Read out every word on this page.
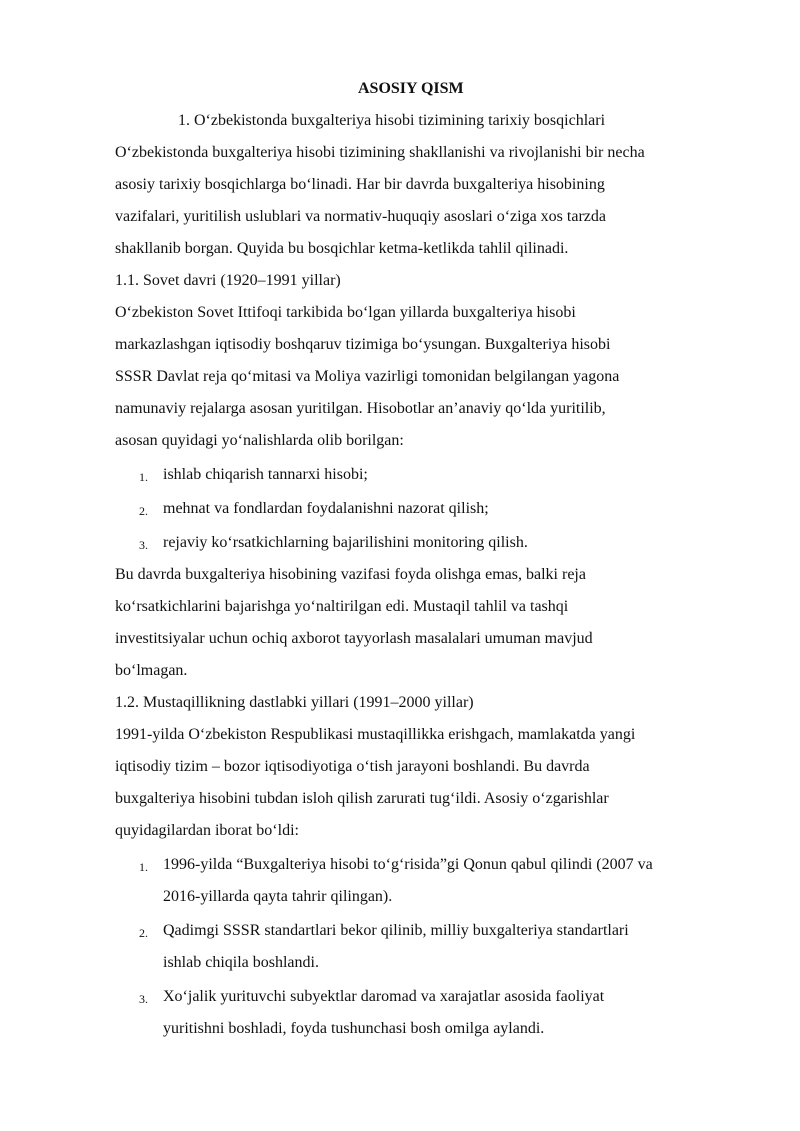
ASOSIY QISM
1. O‘zbekistonda buxgalteriya hisobi tizimining tarixiy bosqichlari
O‘zbekistonda buxgalteriya hisobi tizimining shakllanishi va rivojlanishi bir necha
asosiy tarixiy bosqichlarga bo‘linadi. Har bir davrda buxgalteriya hisobining
vazifalari, yuritilish uslublari va normativ-huquqiy asoslari o‘ziga xos tarzda
shakllanib borgan. Quyida bu bosqichlar ketma-ketlikda tahlil qilinadi.
1.1. Sovet davri (1920–1991 yillar)
O‘zbekiston Sovet Ittifoqi tarkibida bo‘lgan yillarda buxgalteriya hisobi
markazlashgan iqtisodiy boshqaruv tizimiga bo‘ysungan. Buxgalteriya hisobi
SSSR Davlat reja qo‘mitasi va Moliya vazirligi tomonidan belgilangan yagona
namunaviy rejalarga asosan yuritilgan. Hisobotlar an’anaviy qo‘lda yuritilib,
asosan quyidagi yo‘nalishlarda olib borilgan:
1. ishlab chiqarish tannarxi hisobi;
2. mehnat va fondlardan foydalanishni nazorat qilish;
3. rejaviy ko‘rsatkichlarning bajarilishini monitoring qilish.
Bu davrda buxgalteriya hisobining vazifasi foyda olishga emas, balki reja
ko‘rsatkichlarini bajarishga yo‘naltirilgan edi. Mustaqil tahlil va tashqi
investitsiyalar uchun ochiq axborot tayyorlash masalalari umuman mavjud
bo‘lmagan.
1.2. Mustaqillikning dastlabki yillari (1991–2000 yillar)
1991-yilda O‘zbekiston Respublikasi mustaqillikka erishgach, mamlakatda yangi
iqtisodiy tizim – bozor iqtisodiyotiga o‘tish jarayoni boshlandi. Bu davrda
buxgalteriya hisobini tubdan isloh qilish zarurati tug‘ildi. Asosiy o‘zgarishlar
quyidagilardan iborat bo‘ldi:
1. 1996-yilda “Buxgalteriya hisobi to‘g‘risida”gi Qonun qabul qilindi (2007 va
2016-yillarda qayta tahrir qilingan).
2. Qadimgi SSSR standartlari bekor qilinib, milliy buxgalteriya standartlari
ishlab chiqila boshlandi.
3. Xo‘jalik yurituvchi subyektlar daromad va xarajatlar asosida faoliyat
yuritishni boshladi, foyda tushunchasi bosh omilga aylandi.
